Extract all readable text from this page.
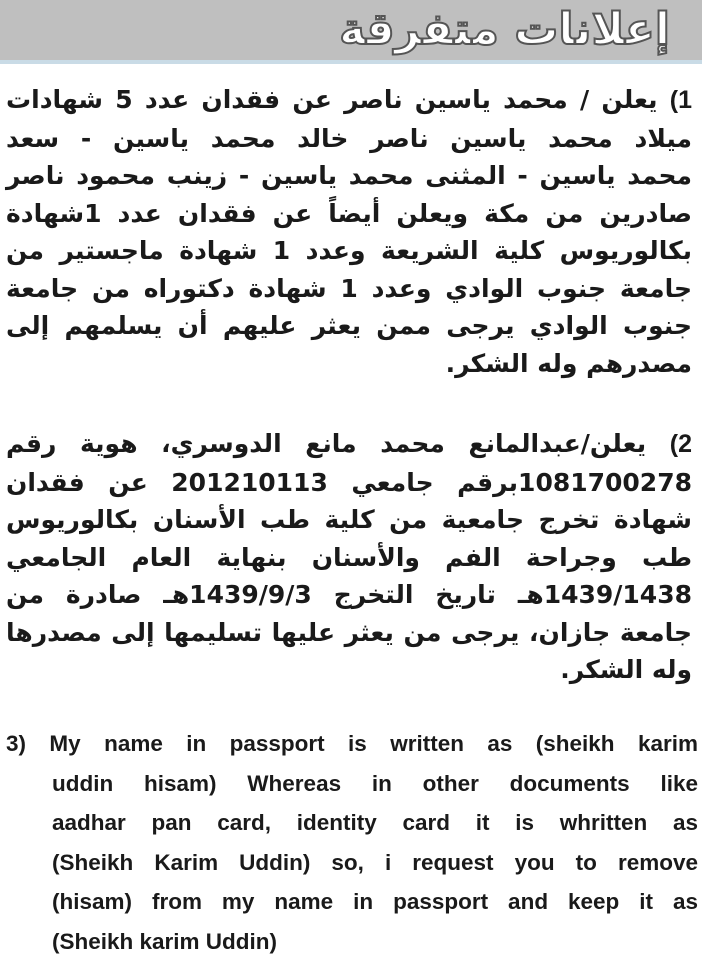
إعلانات متفرقة
1) يعلن / محمد ياسين ناصر عن فقدان عدد 5 شهادات
ميلاد محمد ياسين ناصر خالد محمد ياسين - سعد
محمد ياسين - المثنى محمد ياسين - زينب محمود ناصر
صادرين من مكة ويعلن أيضاً عن فقدان عدد 1شهادة
بكالوريوس كلية الشريعة وعدد 1 شهادة ماجستير من
جامعة جنوب الوادي وعدد 1 شهادة دكتوراه من جامعة
جنوب الوادي يرجى ممن يعثر عليهم أن يسلمهم إلى
مصدرهم وله الشكر.
2) يعلن/عبدالمانع محمد مانع الدوسري، هوية رقم
1081700278برقم جامعي 201210113 عن فقدان
شهادة تخرج جامعية من كلية طب الأسنان بكالوريوس
طب وجراحة الفم والأسنان بنهاية العام الجامعي
1439/1438هـ تاريخ التخرج 1439/9/3هـ صادرة من
جامعة جازان، يرجى من يعثر عليها تسليمها إلى مصدرها
وله الشكر.
3) My name in passport is written as (sheikh karim
uddin hisam) Whereas in other documents like
aadhar pan card, identity card it is whritten as
(Sheikh Karim Uddin) so, i request you to remove
(hisam) from my name in passport and keep it as
(Sheikh karim Uddin)
